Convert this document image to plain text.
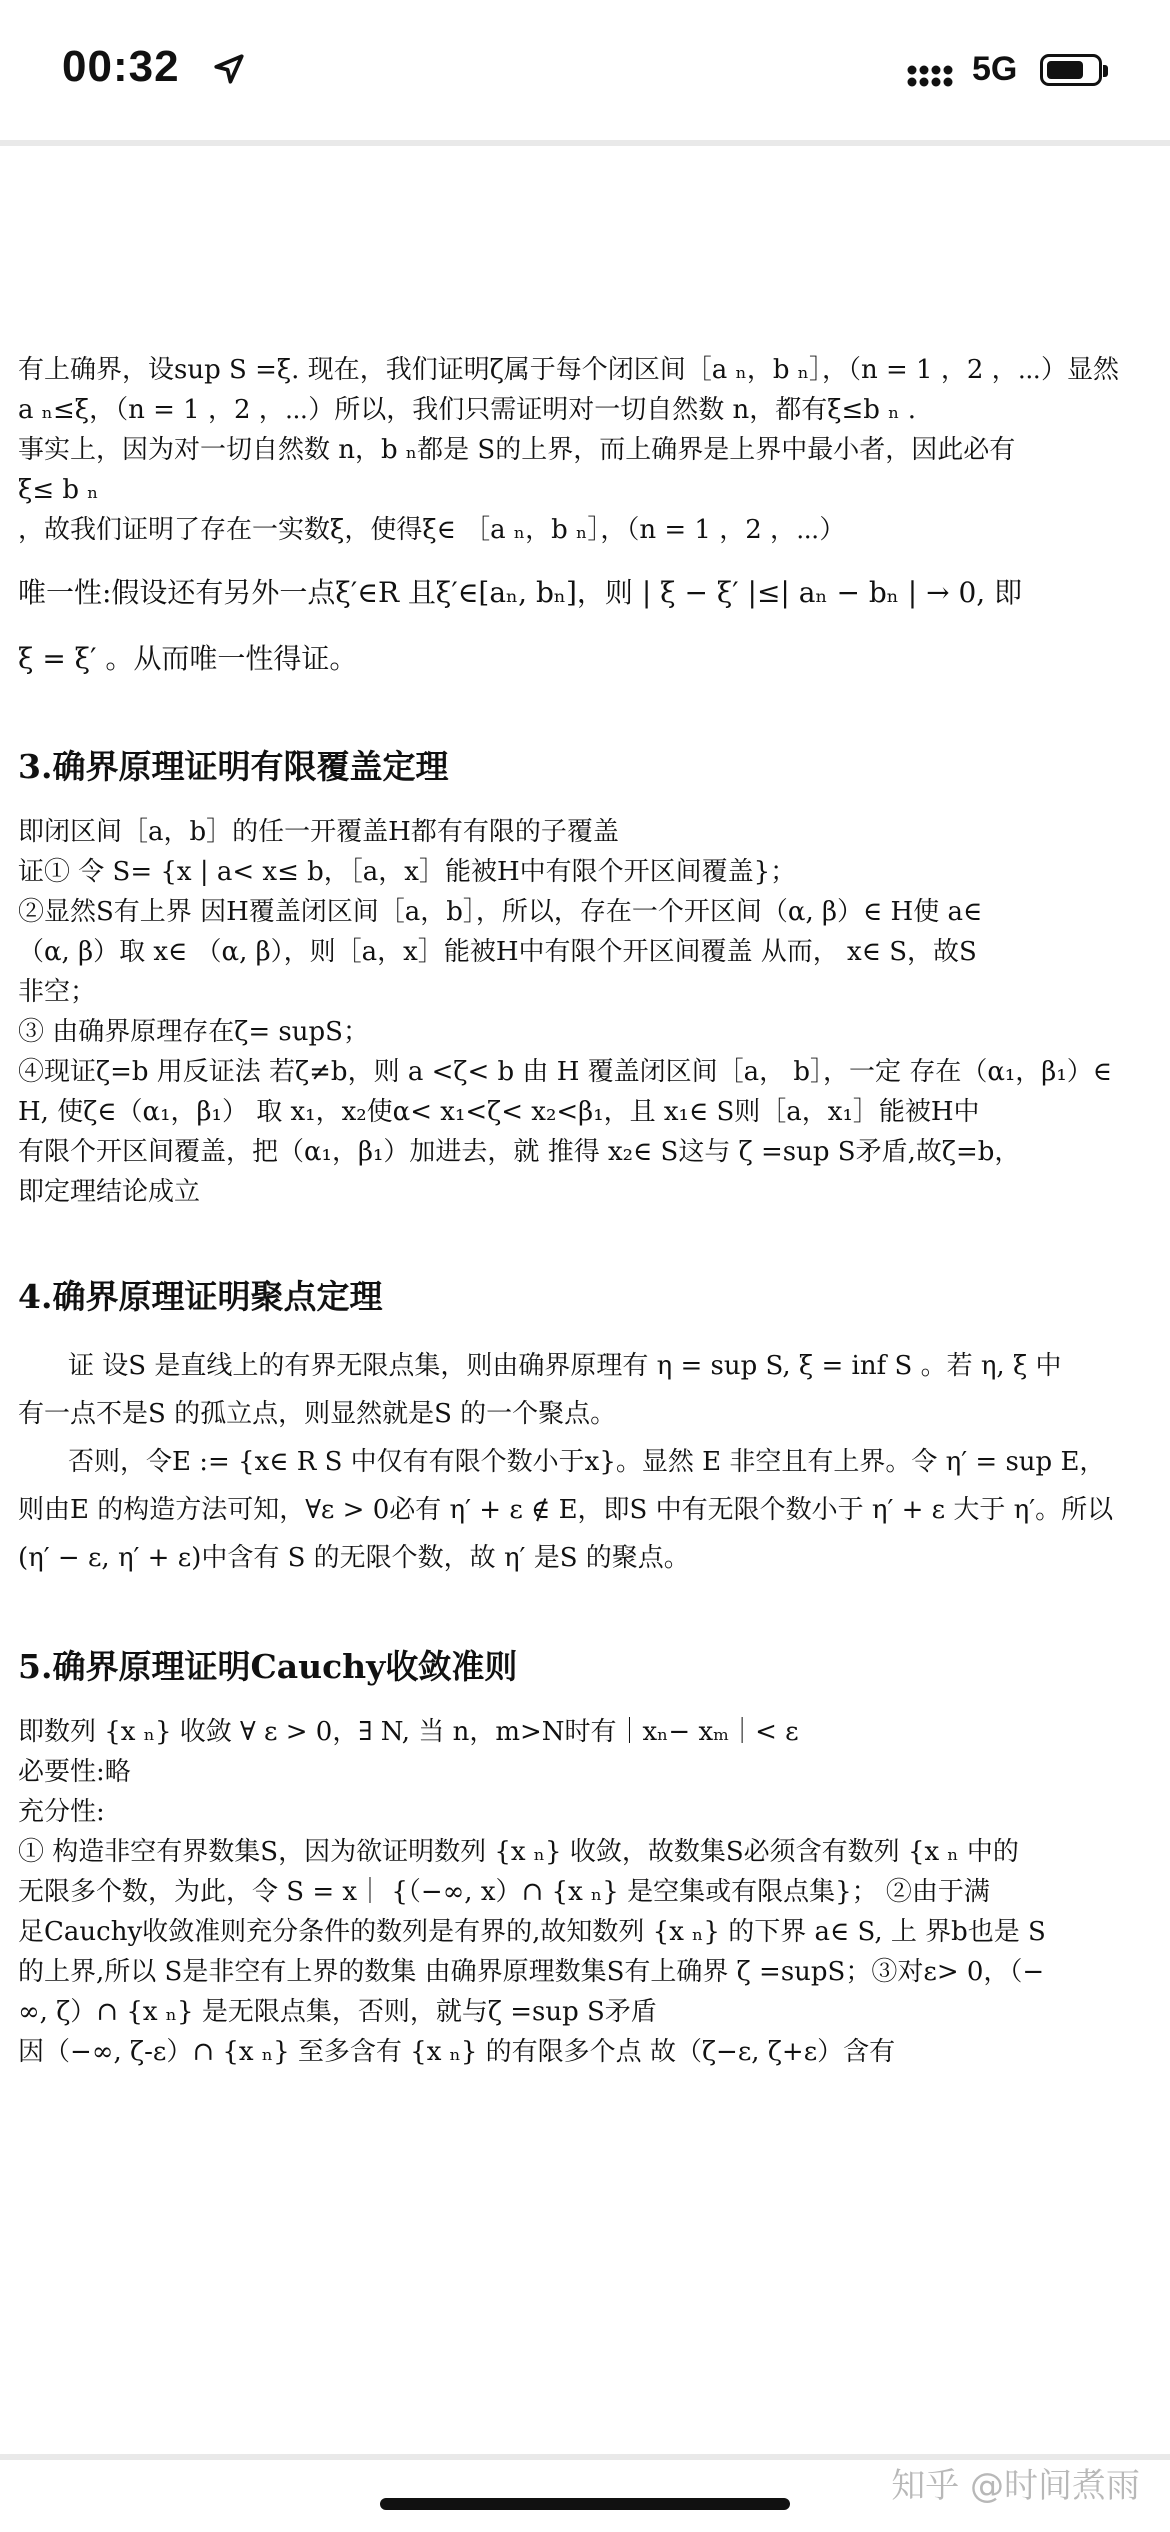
00:32	5G

有上确界，设sup S =ξ. 现在，我们证明ζ属于每个闭区间［a ₙ，b ₙ］，（n = 1 ，2 ，⋯）显然

a ₙ≤ξ，（n = 1 ，2 ，⋯）所以，我们只需证明对一切自然数 n，都有ξ≤b ₙ .

事实上，因为对一切自然数 n，b ₙ都是 S的上界，而上确界是上界中最小者，因此必有

ξ≤ b ₙ

，故我们证明了存在一实数ξ，使得ξ∈ ［a ₙ，b ₙ］，（n = 1 ，2 ，⋯）

唯一性:假设还有另外一点ξ′∈R 且ξ′∈[aₙ, bₙ]，则 | ξ − ξ′ |≤| aₙ − bₙ | → 0, 即

ξ = ξ′ 。从而唯一性得证。

3.确界原理证明有限覆盖定理

即闭区间［a，b］的任一开覆盖H都有有限的子覆盖

证① 令 S= {x | a< x≤ b，［a，x］能被H中有限个开区间覆盖}；

②显然S有上界 因H覆盖闭区间［a，b］，所以，存在一个开区间（α, β）∈ H使 a∈

（α, β）取 x∈ （α, β），则［a，x］能被H中有限个开区间覆盖 从而， x∈ S，故S

非空；

③ 由确界原理存在ζ= supS；

④现证ζ=b 用反证法 若ζ≠b，则 a <ζ< b 由 H 覆盖闭区间［a， b］，一定 存在（α₁，β₁）∈

H, 使ζ∈（α₁，β₁） 取 x₁，x₂使α< x₁<ζ< x₂<β₁，且 x₁∈ S则［a，x₁］能被H中

有限个开区间覆盖，把（α₁，β₁）加进去，就 推得 x₂∈ S这与 ζ =sup S矛盾,故ζ=b，

即定理结论成立

4.确界原理证明聚点定理

证 设S 是直线上的有界无限点集，则由确界原理有 η = sup S, ξ = inf S 。若 η, ξ 中

有一点不是S 的孤立点，则显然就是S 的一个聚点。

否则，令E := {x∈ R S 中仅有有限个数小于x}。显然 E 非空且有上界。令 η′ = sup E，

则由E 的构造方法可知，∀ε > 0必有 η′ + ε ∉ E，即S 中有无限个数小于 η′ + ε 大于 η′。所以

(η′ − ε, η′ + ε)中含有 S 的无限个数，故 η′ 是S 的聚点。

5.确界原理证明Cauchy收敛准则

即数列 {x ₙ} 收敛 ∀ ε > 0，∃ N, 当 n，m>N时有｜xₙ− xₘ｜< ε

必要性:略

充分性:

① 构造非空有界数集S，因为欲证明数列 {x ₙ} 收敛，故数集S必须含有数列 {x ₙ 中的

无限多个数，为此，令 S = x｜ {（−∞, x）∩ {x ₙ} 是空集或有限点集}； ②由于满

足Cauchy收敛准则充分条件的数列是有界的,故知数列 {x ₙ} 的下界 a∈ S, 上 界b也是 S

的上界,所以 S是非空有上界的数集 由确界原理数集S有上确界 ζ =supS；③对ε> 0，（−

∞, ζ）∩ {x ₙ} 是无限点集，否则，就与ζ =sup S矛盾

因（−∞, ζ-ε）∩ {x ₙ} 至多含有 {x ₙ} 的有限多个点 故（ζ−ε, ζ+ε）含有

知乎 @时间煮雨
